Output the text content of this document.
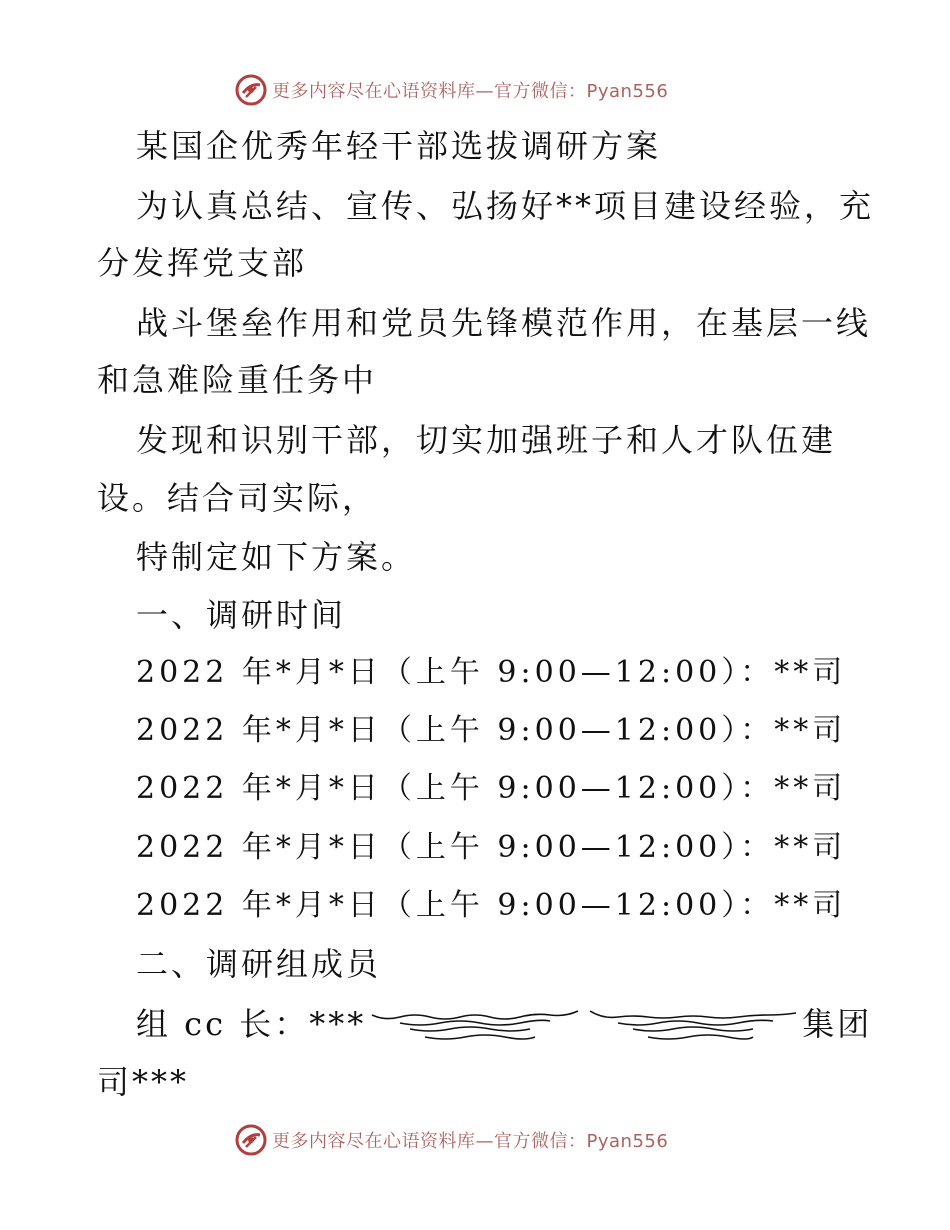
更多内容尽在心语资料库—官方微信：Pyan556
某国企优秀年轻干部选拔调研方案
为认真总结、宣传、弘扬好**项目建设经验，充
分发挥党支部
战斗堡垒作用和党员先锋模范作用，在基层一线
和急难险重任务中
发现和识别干部，切实加强班子和人才队伍建
设。结合司实际，
特制定如下方案。
一、调研时间
2022 年*月*日（上午 9:00—12:00）：**司
2022 年*月*日（上午 9:00—12:00）：**司
2022 年*月*日（上午 9:00—12:00）：**司
2022 年*月*日（上午 9:00—12:00）：**司
2022 年*月*日（上午 9:00—12:00）：**司
二、调研组成员
组 cc 长：***	集团
司***
更多内容尽在心语资料库—官方微信：Pyan556
